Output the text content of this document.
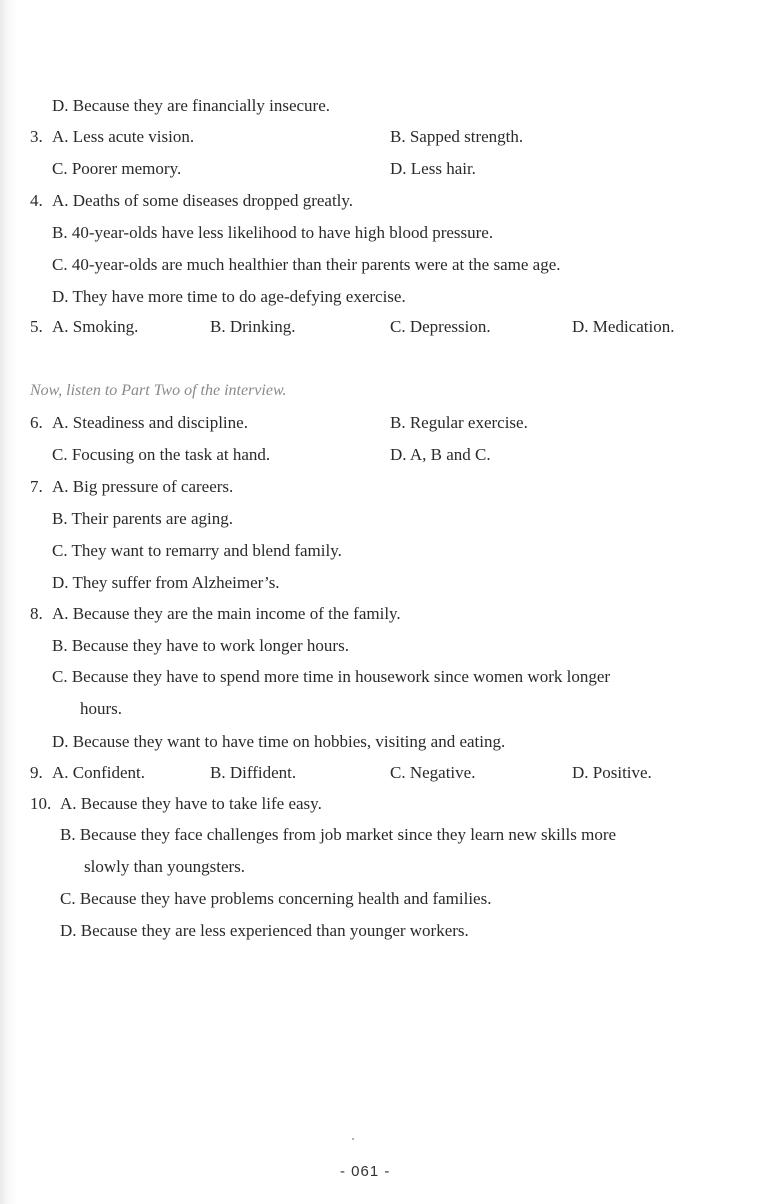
D. Because they are financially insecure.
3. A. Less acute vision.	B. Sapped strength.
C. Poorer memory.	D. Less hair.
4. A. Deaths of some diseases dropped greatly.
B. 40-year-olds have less likelihood to have high blood pressure.
C. 40-year-olds are much healthier than their parents were at the same age.
D. They have more time to do age-defying exercise.
5. A. Smoking.	B. Drinking.	C. Depression.	D. Medication.
Now, listen to Part Two of the interview.
6. A. Steadiness and discipline.	B. Regular exercise.
C. Focusing on the task at hand.	D. A, B and C.
7. A. Big pressure of careers.
B. Their parents are aging.
C. They want to remarry and blend family.
D. They suffer from Alzheimer’s.
8. A. Because they are the main income of the family.
B. Because they have to work longer hours.
C. Because they have to spend more time in housework since women work longer
hours.
D. Because they want to have time on hobbies, visiting and eating.
9. A. Confident.	B. Diffident.	C. Negative.	D. Positive.
10. A. Because they have to take life easy.
B. Because they face challenges from job market since they learn new skills more
slowly than youngsters.
C. Because they have problems concerning health and families.
D. Because they are less experienced than younger workers.
- 061 -
